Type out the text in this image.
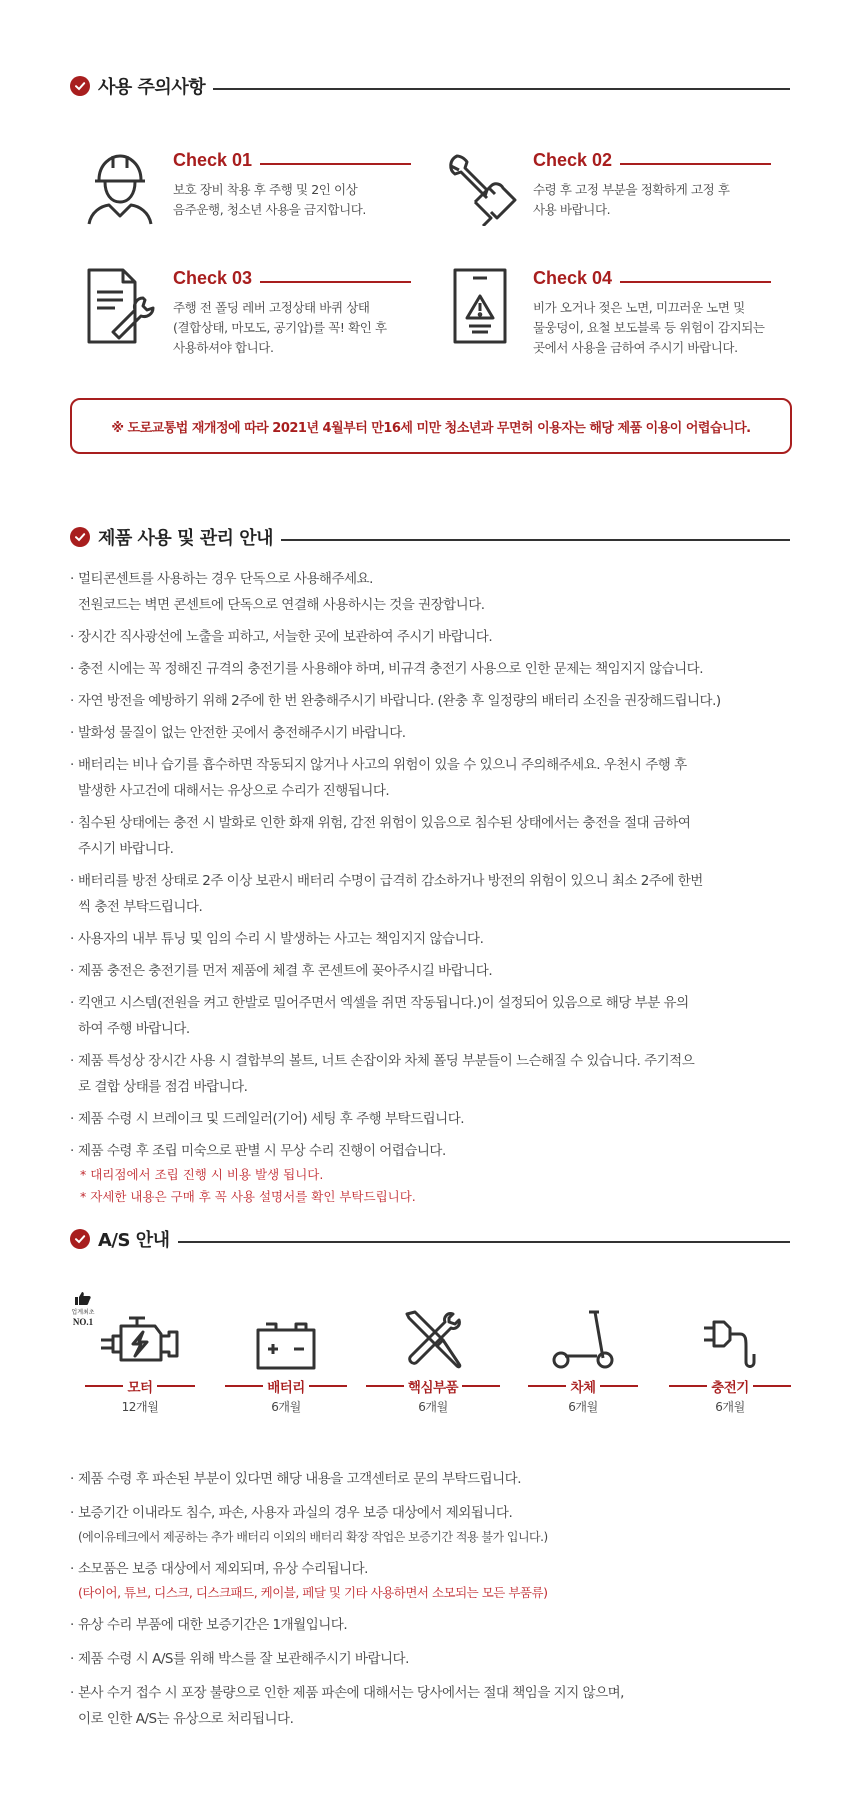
사용 주의사항
Check 01
보호 장비 착용 후 주행 및 2인 이상
음주운행, 청소년 사용을 금지합니다.
Check 02
수령 후 고정 부분을 정확하게 고정 후
사용 바랍니다.
Check 03
주행 전 폴딩 레버 고정상태 바퀴 상태
(결합상태, 마모도, 공기압)를 꼭! 확인 후
사용하셔야 합니다.
Check 04
비가 오거나 젖은 노면, 미끄러운 노면 및
물웅덩이, 요철 보도블록 등 위험이 감지되는
곳에서 사용을 금하여 주시기 바랍니다.
※ 도로교통법 재개정에 따라 2021년 4월부터 만16세 미만 청소년과 무면허 이용자는 해당 제품 이용이 어렵습니다.
제품 사용 및 관리 안내
· 멀티콘센트를 사용하는 경우 단독으로 사용해주세요.
전원코드는 벽면 콘센트에 단독으로 연결해 사용하시는 것을 권장합니다.
· 장시간 직사광선에 노출을 피하고, 서늘한 곳에 보관하여 주시기 바랍니다.
· 충전 시에는 꼭 정해진 규격의 충전기를 사용해야 하며, 비규격 충전기 사용으로 인한 문제는 책임지지 않습니다.
· 자연 방전을 예방하기 위해 2주에 한 번 완충해주시기 바랍니다. (완충 후 일정량의 배터리 소진을 권장해드립니다.)
· 발화성 물질이 없는 안전한 곳에서 충전해주시기 바랍니다.
· 배터리는 비나 습기를 흡수하면 작동되지 않거나 사고의 위험이 있을 수 있으니 주의해주세요. 우천시 주행 후
발생한 사고건에 대해서는 유상으로 수리가 진행됩니다.
· 침수된 상태에는 충전 시 발화로 인한 화재 위험, 감전 위험이 있음으로 침수된 상태에서는 충전을 절대 금하여
주시기 바랍니다.
· 배터리를 방전 상태로 2주 이상 보관시 배터리 수명이 급격히 감소하거나 방전의 위험이 있으니 최소 2주에 한번
씩 충전 부탁드립니다.
· 사용자의 내부 튜닝 및 임의 수리 시 발생하는 사고는 책임지지 않습니다.
· 제품 충전은 충전기를 먼저 제품에 체결 후 콘센트에 꽂아주시길 바랍니다.
· 킥앤고 시스템(전원을 켜고 한발로 밀어주면서 엑셀을 쥐면 작동됩니다.)이 설정되어 있음으로 해당 부분 유의
하여 주행 바랍니다.
· 제품 특성상 장시간 사용 시 결합부의 볼트, 너트 손잡이와 차체 폴딩 부분들이 느슨해질 수 있습니다. 주기적으
로 결합 상태를 점검 바랍니다.
· 제품 수령 시 브레이크 및 드레일러(기어) 세팅 후 주행 부탁드립니다.
· 제품 수령 후 조립 미숙으로 판별 시 무상 수리 진행이 어렵습니다.
* 대리점에서 조립 진행 시 비용 발생 됩니다.
* 자세한 내용은 구매 후 꼭 사용 설명서를 확인 부탁드립니다.
A/S 안내
업계최초
NO.1
모터
12개월
배터리
6개월
핵심부품
6개월
차체
6개월
충전기
6개월
· 제품 수령 후 파손된 부분이 있다면 해당 내용을 고객센터로 문의 부탁드립니다.
· 보증기간 이내라도 침수, 파손, 사용자 과실의 경우 보증 대상에서 제외됩니다.
(에이유테크에서 제공하는 추가 배터리 이외의 배터리 확장 작업은 보증기간 적용 불가 입니다.)
· 소모품은 보증 대상에서 제외되며, 유상 수리됩니다.
(타이어, 튜브, 디스크, 디스크패드, 케이블, 페달 및 기타 사용하면서 소모되는 모든 부품류)
· 유상 수리 부품에 대한 보증기간은 1개월입니다.
· 제품 수령 시 A/S를 위해 박스를 잘 보관해주시기 바랍니다.
· 본사 수거 접수 시 포장 불량으로 인한 제품 파손에 대해서는 당사에서는 절대 책임을 지지 않으며,
이로 인한 A/S는 유상으로 처리됩니다.
